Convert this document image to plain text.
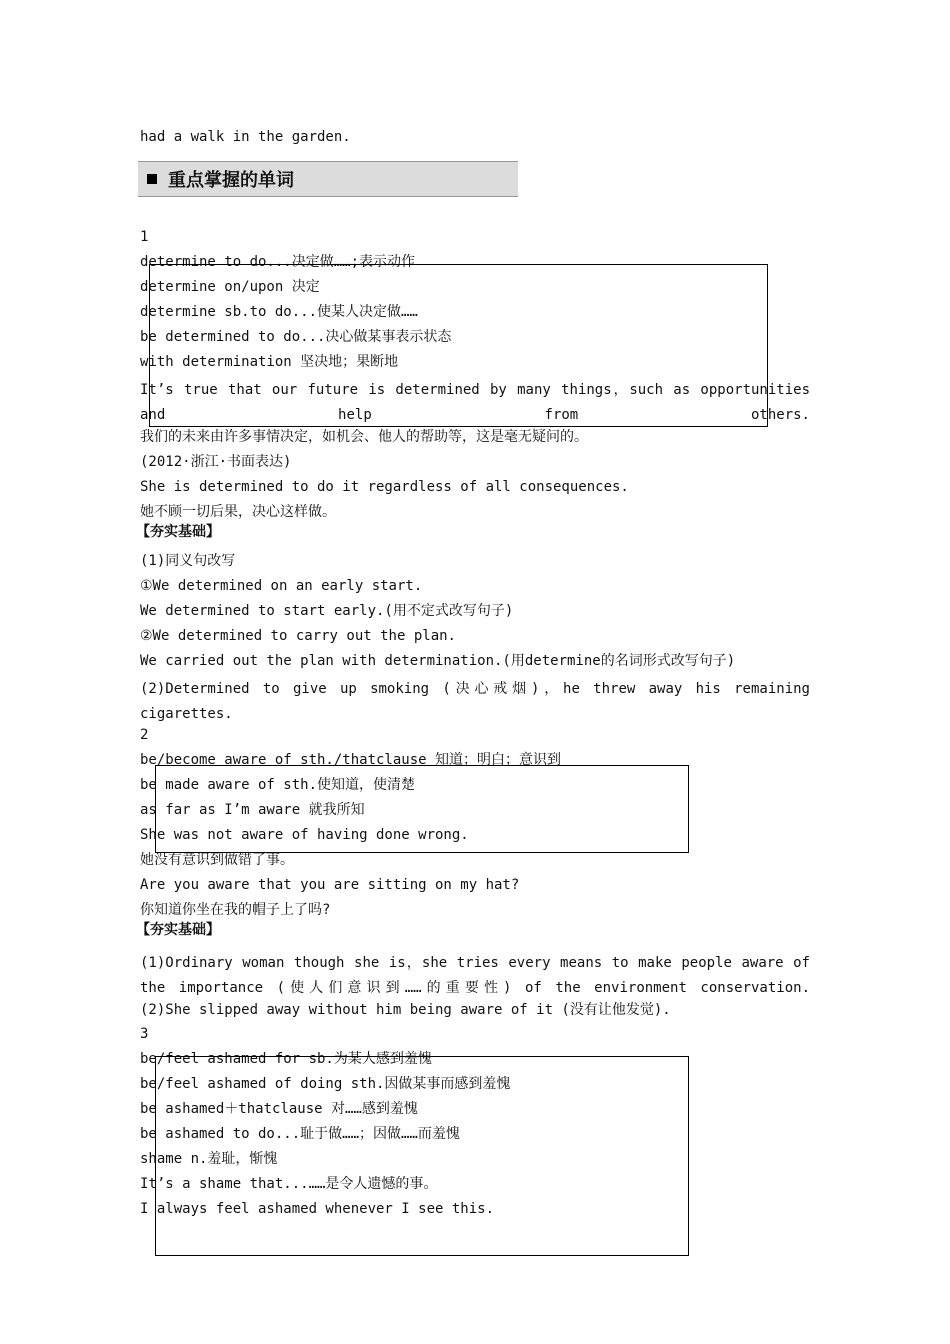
had a walk in the garden.
重点掌握的单词
1
determine to do...决定做……;表示动作
determine on/upon 决定
determine sb.to do...使某人决定做……
be determined to do...决心做某事表示状态
with determination 坚决地；果断地
It’s true that our future is determined by many things，such as opportunities and help from others.
我们的未来由许多事情决定，如机会、他人的帮助等，这是毫无疑问的。
(2012·浙江·书面表达)
She is determined to do it regardless of all consequences.
她不顾一切后果，决心这样做。
【夯实基础】
(1)同义句改写
①We determined on an early start.
We determined to start early.(用不定式改写句子)
②We determined to carry out the plan.
We carried out the plan with determination.(用determine的名词形式改写句子)
(2)Determined to give up smoking (决心戒烟)，he threw away his remaining cigarettes.
2
be/become aware of sth./thatclause 知道；明白；意识到
be made aware of sth.使知道，使清楚
as far as I’m aware 就我所知
She was not aware of having done wrong.
她没有意识到做错了事。
Are you aware that you are sitting on my hat?
你知道你坐在我的帽子上了吗?
【夯实基础】
(1)Ordinary woman though she is，she tries every means to make people aware of the importance (使人们意识到……的重要性) of the environment conservation.
(2)She slipped away without him being aware of it (没有让他发觉).
3
be/feel ashamed for sb.为某人感到羞愧
be/feel ashamed of doing sth.因做某事而感到羞愧
be ashamed＋thatclause 对……感到羞愧
be ashamed to do...耻于做……；因做……而羞愧
shame n.羞耻，惭愧
It’s a shame that...……是令人遗憾的事。
I always feel ashamed whenever I see this.
